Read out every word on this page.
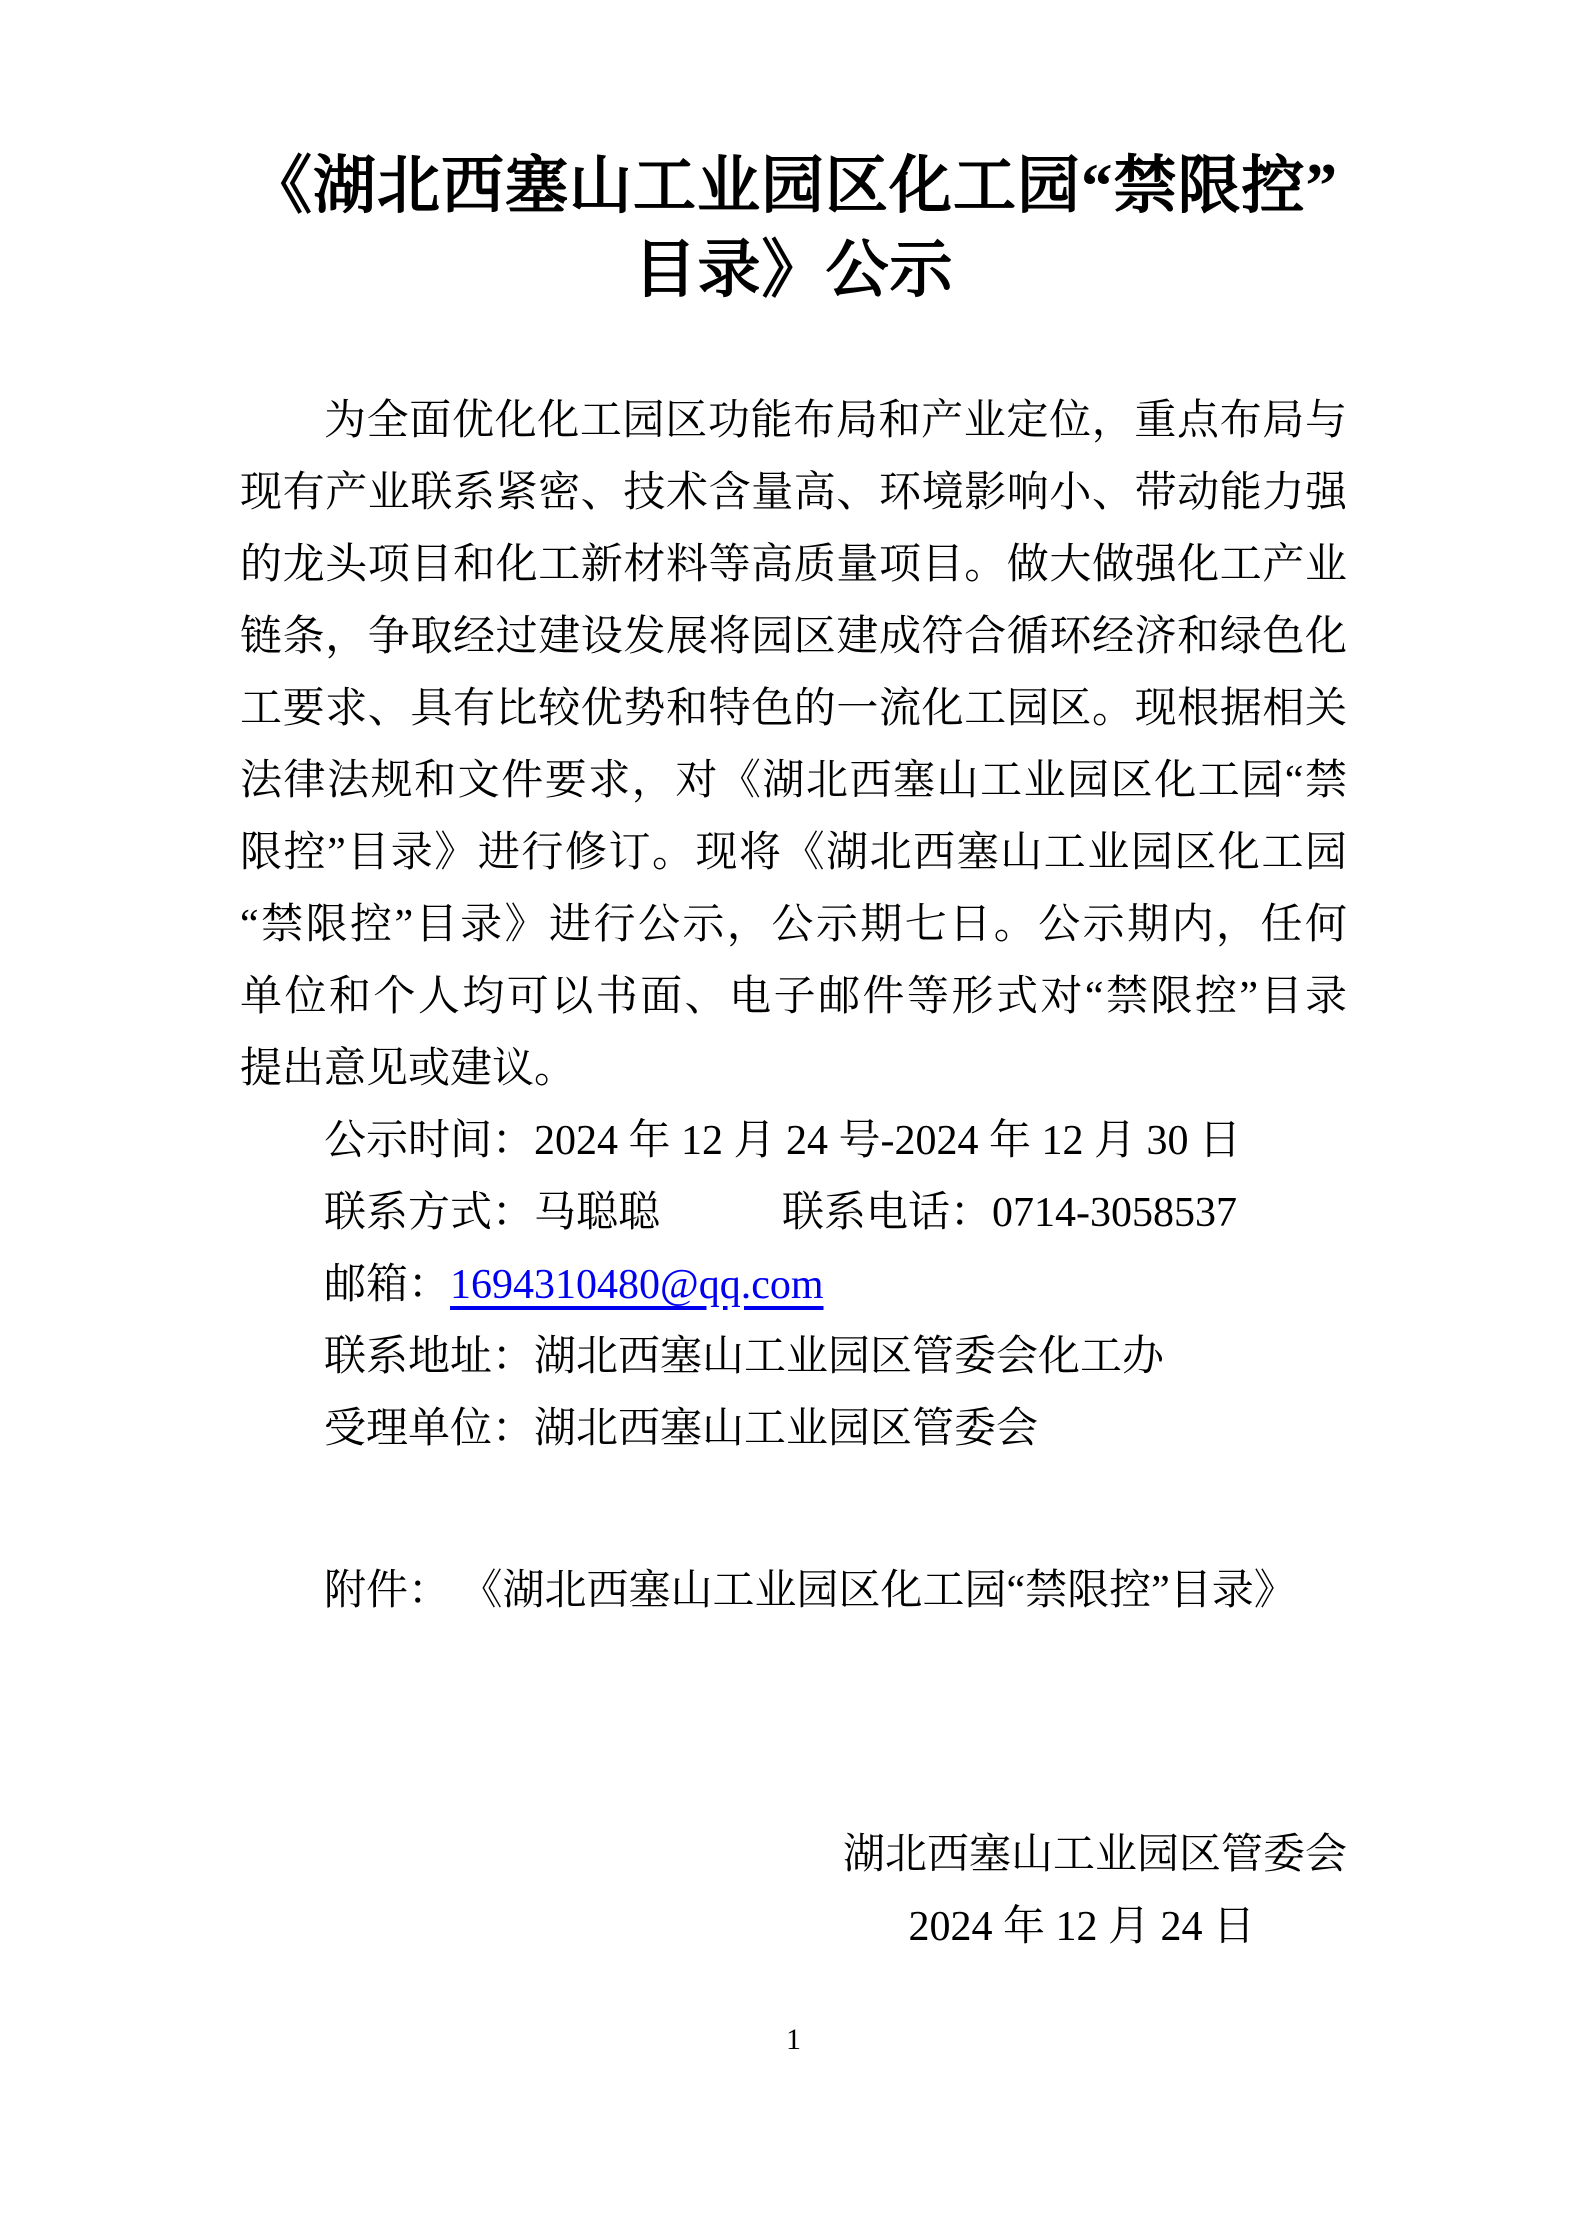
《湖北西塞山工业园区化工园“禁限控”
目录》公示
为全面优化化工园区功能布局和产业定位，重点布局与
现有产业联系紧密、技术含量高、环境影响小、带动能力强
的龙头项目和化工新材料等高质量项目。做大做强化工产业
链条，争取经过建设发展将园区建成符合循环经济和绿色化
工要求、具有比较优势和特色的一流化工园区。现根据相关
法律法规和文件要求，对《湖北西塞山工业园区化工园“禁
限控”目录》进行修订。现将《湖北西塞山工业园区化工园
“禁限控”目录》进行公示，公示期七日。公示期内，任何
单位和个人均可以书面、电子邮件等形式对“禁限控”目录
提出意见或建议。
公示时间：2024 年 12 月 24 号-2024 年 12 月 30 日
联系方式：马聪聪	联系电话：0714-3058537
邮箱：1694310480@qq.com
联系地址：湖北西塞山工业园区管委会化工办
受理单位：湖北西塞山工业园区管委会
附件： 《湖北西塞山工业园区化工园“禁限控”目录》
湖北西塞山工业园区管委会
2024 年 12 月 24 日
1
